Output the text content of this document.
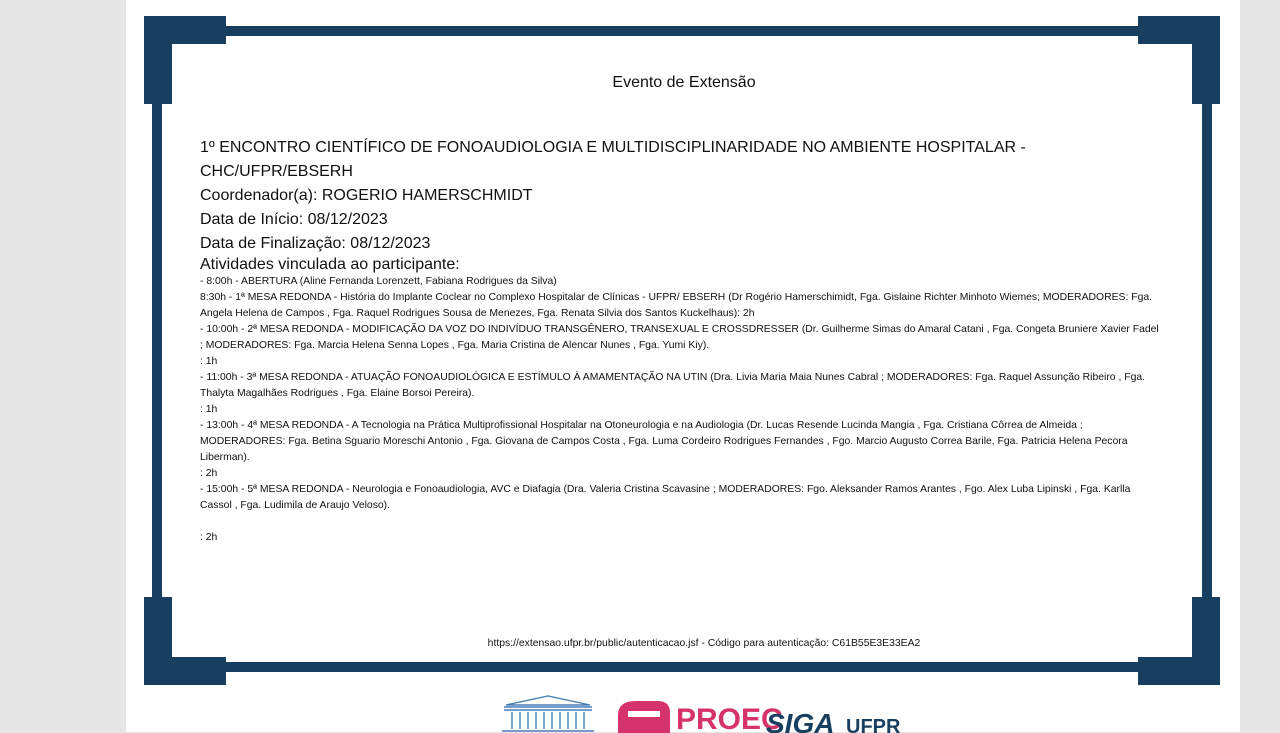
Evento de Extensão

1º ENCONTRO CIENTÍFICO DE FONOAUDIOLOGIA E MULTIDISCIPLINARIDADE NO AMBIENTE HOSPITALAR - CHC/UFPR/EBSERH

Coordenador(a): ROGERIO HAMERSCHMIDT

Data de Início: 08/12/2023

Data de Finalização: 08/12/2023

Atividades vinculada ao participante:

- 8:00h - ABERTURA (Aline Fernanda Lorenzett, Fabiana Rodrigues da Silva)
8:30h - 1ª MESA REDONDA - História do Implante Coclear no Complexo Hospitalar de Clínicas - UFPR/ EBSERH (Dr Rogério Hamerschimidt, Fga. Gislaine Richter Minhoto Wiemes; MODERADORES: Fga. Angela Helena de Campos , Fga. Raquel Rodrigues Sousa de Menezes, Fga. Renata Silvia dos Santos Kuckelhaus): 2h
- 10:00h - 2ª MESA REDONDA - MODIFICAÇÃO DA VOZ DO INDIVÍDUO TRANSGÊNERO, TRANSEXUAL E CROSSDRESSER (Dr. Guilherme Simas do Amaral Catani , Fga. Congeta Bruniere Xavier Fadel ; MODERADORES: Fga. Marcia Helena Senna Lopes , Fga. Maria Cristina de Alencar Nunes , Fga. Yumi Kiy).
: 1h
- 11:00h - 3ª MESA REDONDA - ATUAÇÃO FONOAUDIOLÓGICA E ESTÍMULO À AMAMENTAÇÃO NA UTIN (Dra. Livia Maria Maia Nunes Cabral ; MODERADORES: Fga. Raquel Assunção Ribeiro , Fga. Thalyta Magalhães Rodrigues , Fga. Elaine Borsoi Pereira).
: 1h
- 13:00h - 4ª MESA REDONDA - A Tecnologia na Prática Multiprofissional Hospitalar na Otoneurologia e na Audiologia (Dr. Lucas Resende Lucinda Mangia , Fga. Cristiana Côrrea de Almeida ; MODERADORES: Fga. Betina Sguario Moreschi Antonio , Fga. Giovana de Campos Costa , Fga. Luma Cordeiro Rodrigues Fernandes , Fgo. Marcio Augusto Correa Barile, Fga. Patricia Helena Pecora Liberman).
: 2h
- 15:00h - 5ª MESA REDONDA - Neurologia e Fonoaudiologia, AVC e Diafagia (Dra. Valeria Cristina Scavasine ; MODERADORES: Fgo. Aleksander Ramos Arantes , Fgo. Alex Luba Lipinski , Fga. Karlla Cassol , Fga. Ludimila de Araujo Veloso).
: 2h
https://extensao.ufpr.br/public/autenticacao.jsf - Código para autenticação: C61B55E3E33EA2
PROEC
SIGA UFPR
